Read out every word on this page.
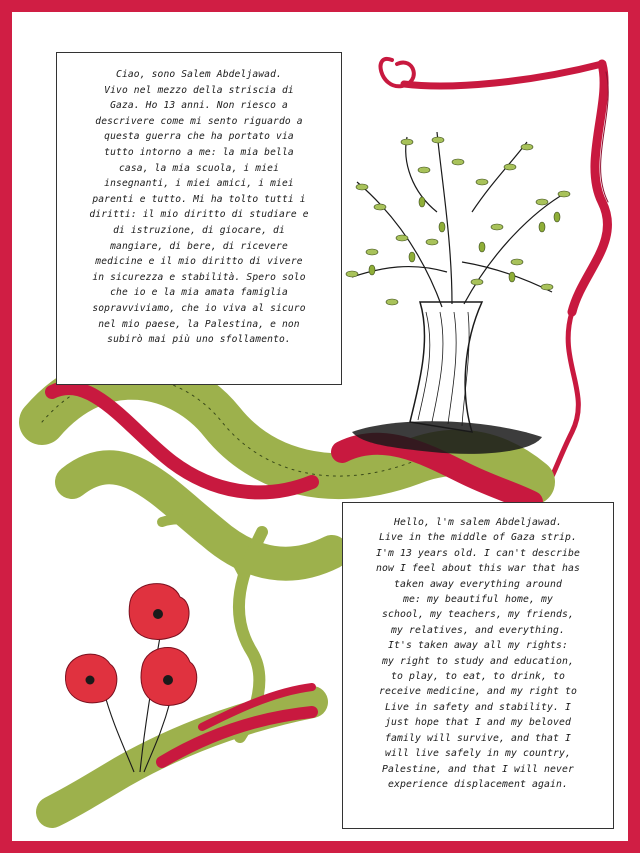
Ciao, sono Salem Abdeljawad.
Vivo nel mezzo della striscia di
Gaza. Ho 13 anni. Non riesco a
descrivere come mi sento riguardo a
questa guerra che ha portato via
tutto intorno a me: la mia bella
casa, la mia scuola, i miei
insegnanti, i miei amici, i miei
parenti e tutto. Mi ha tolto tutti i
diritti: il mio diritto di studiare e
di istruzione, di giocare, di
mangiare, di bere, di ricevere
medicine e il mio diritto di vivere
in sicurezza e stabilità. Spero solo
che io e la mia amata famiglia
sopravviviamo, che io viva al sicuro
nel mio paese, la Palestina, e non
subirò mai più uno sfollamento.
Hello, l'm salem Abdeljawad.
Live in the middle of Gaza strip.
I'm 13 years old. I can't describe
now I feel about this war that has
taken away everything around
me: my beautiful home, my
school, my teachers, my friends,
my relatives, and everything.
It's taken away all my rights:
my right to study and education,
to play, to eat, to drink, to
receive medicine, and my right to
Live in safety and stability. I
just hope that I and my beloved
family will survive, and that I
will live safely in my country,
Palestine, and that I will never
experience displacement again.
